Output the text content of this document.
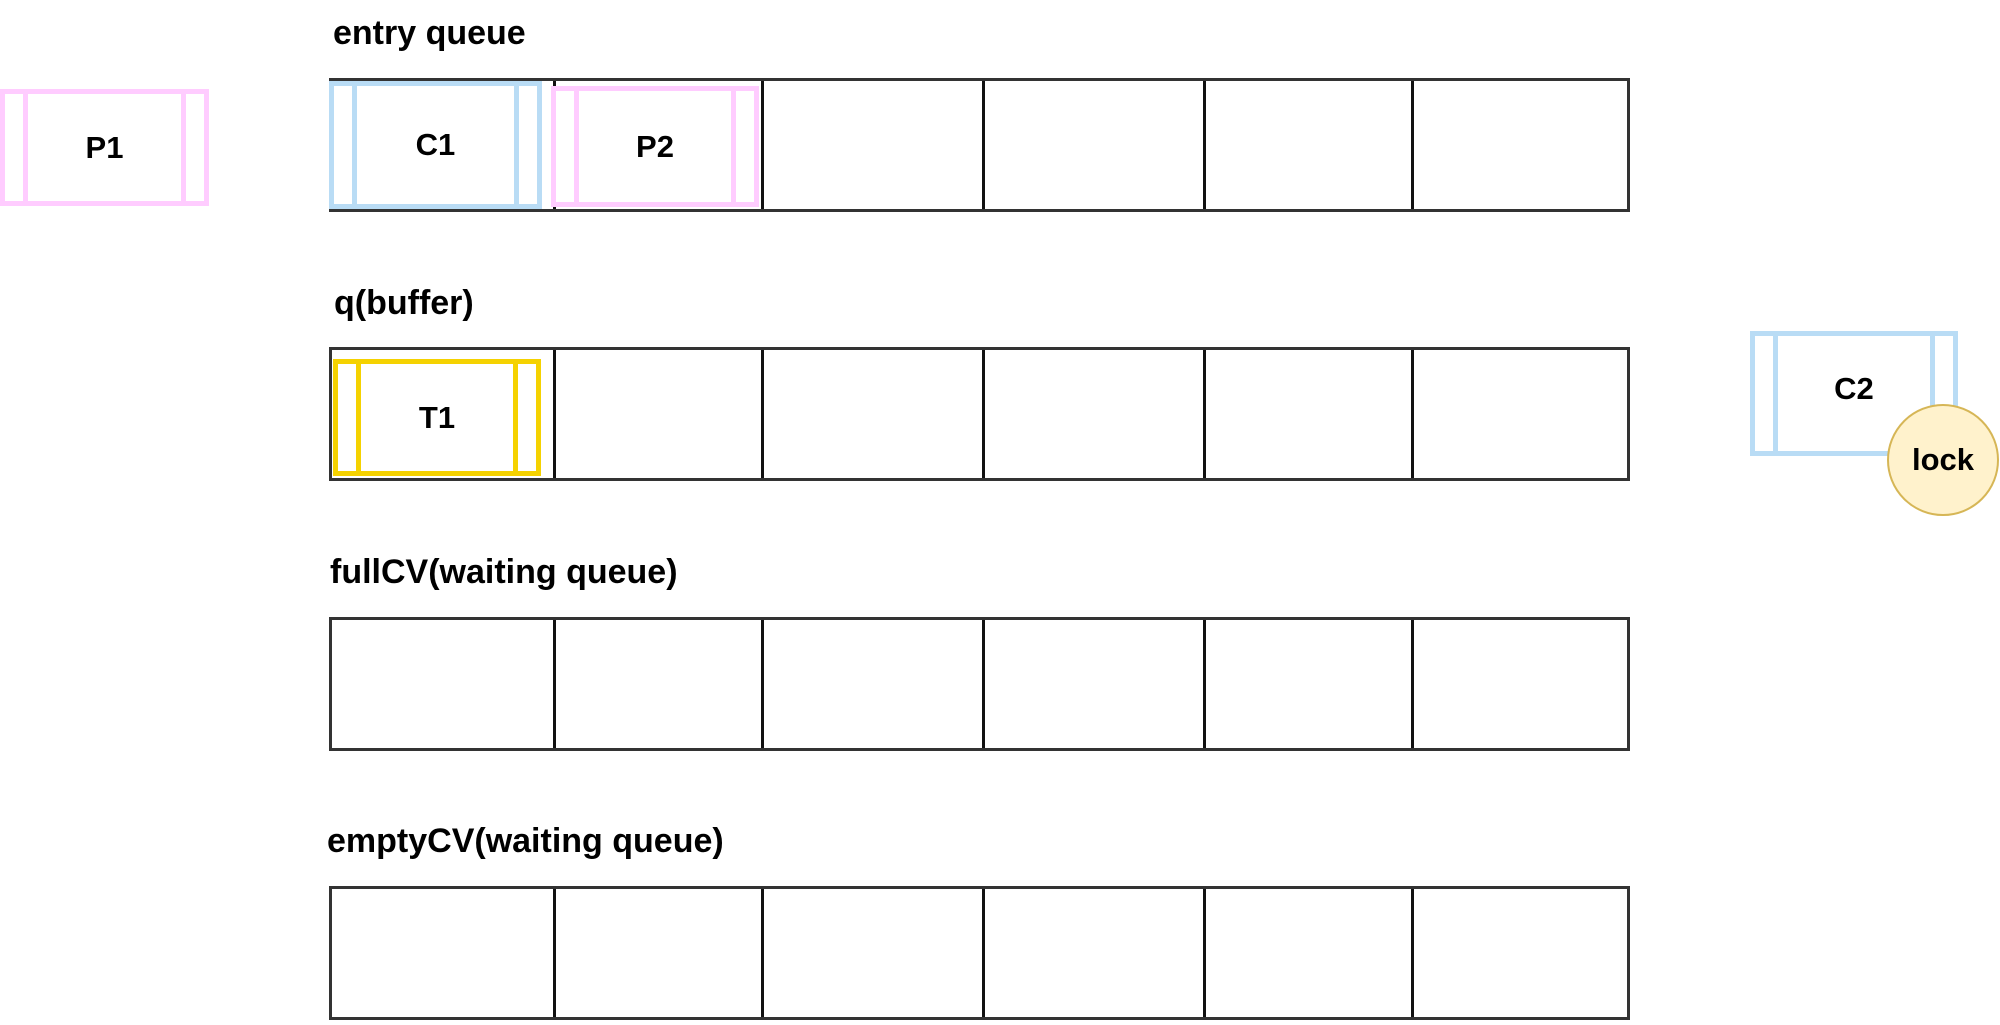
entry queue
q(buffer)
fullCV(waiting queue)
emptyCV(waiting queue)
P1	C1	P2
T1
C2
lock
